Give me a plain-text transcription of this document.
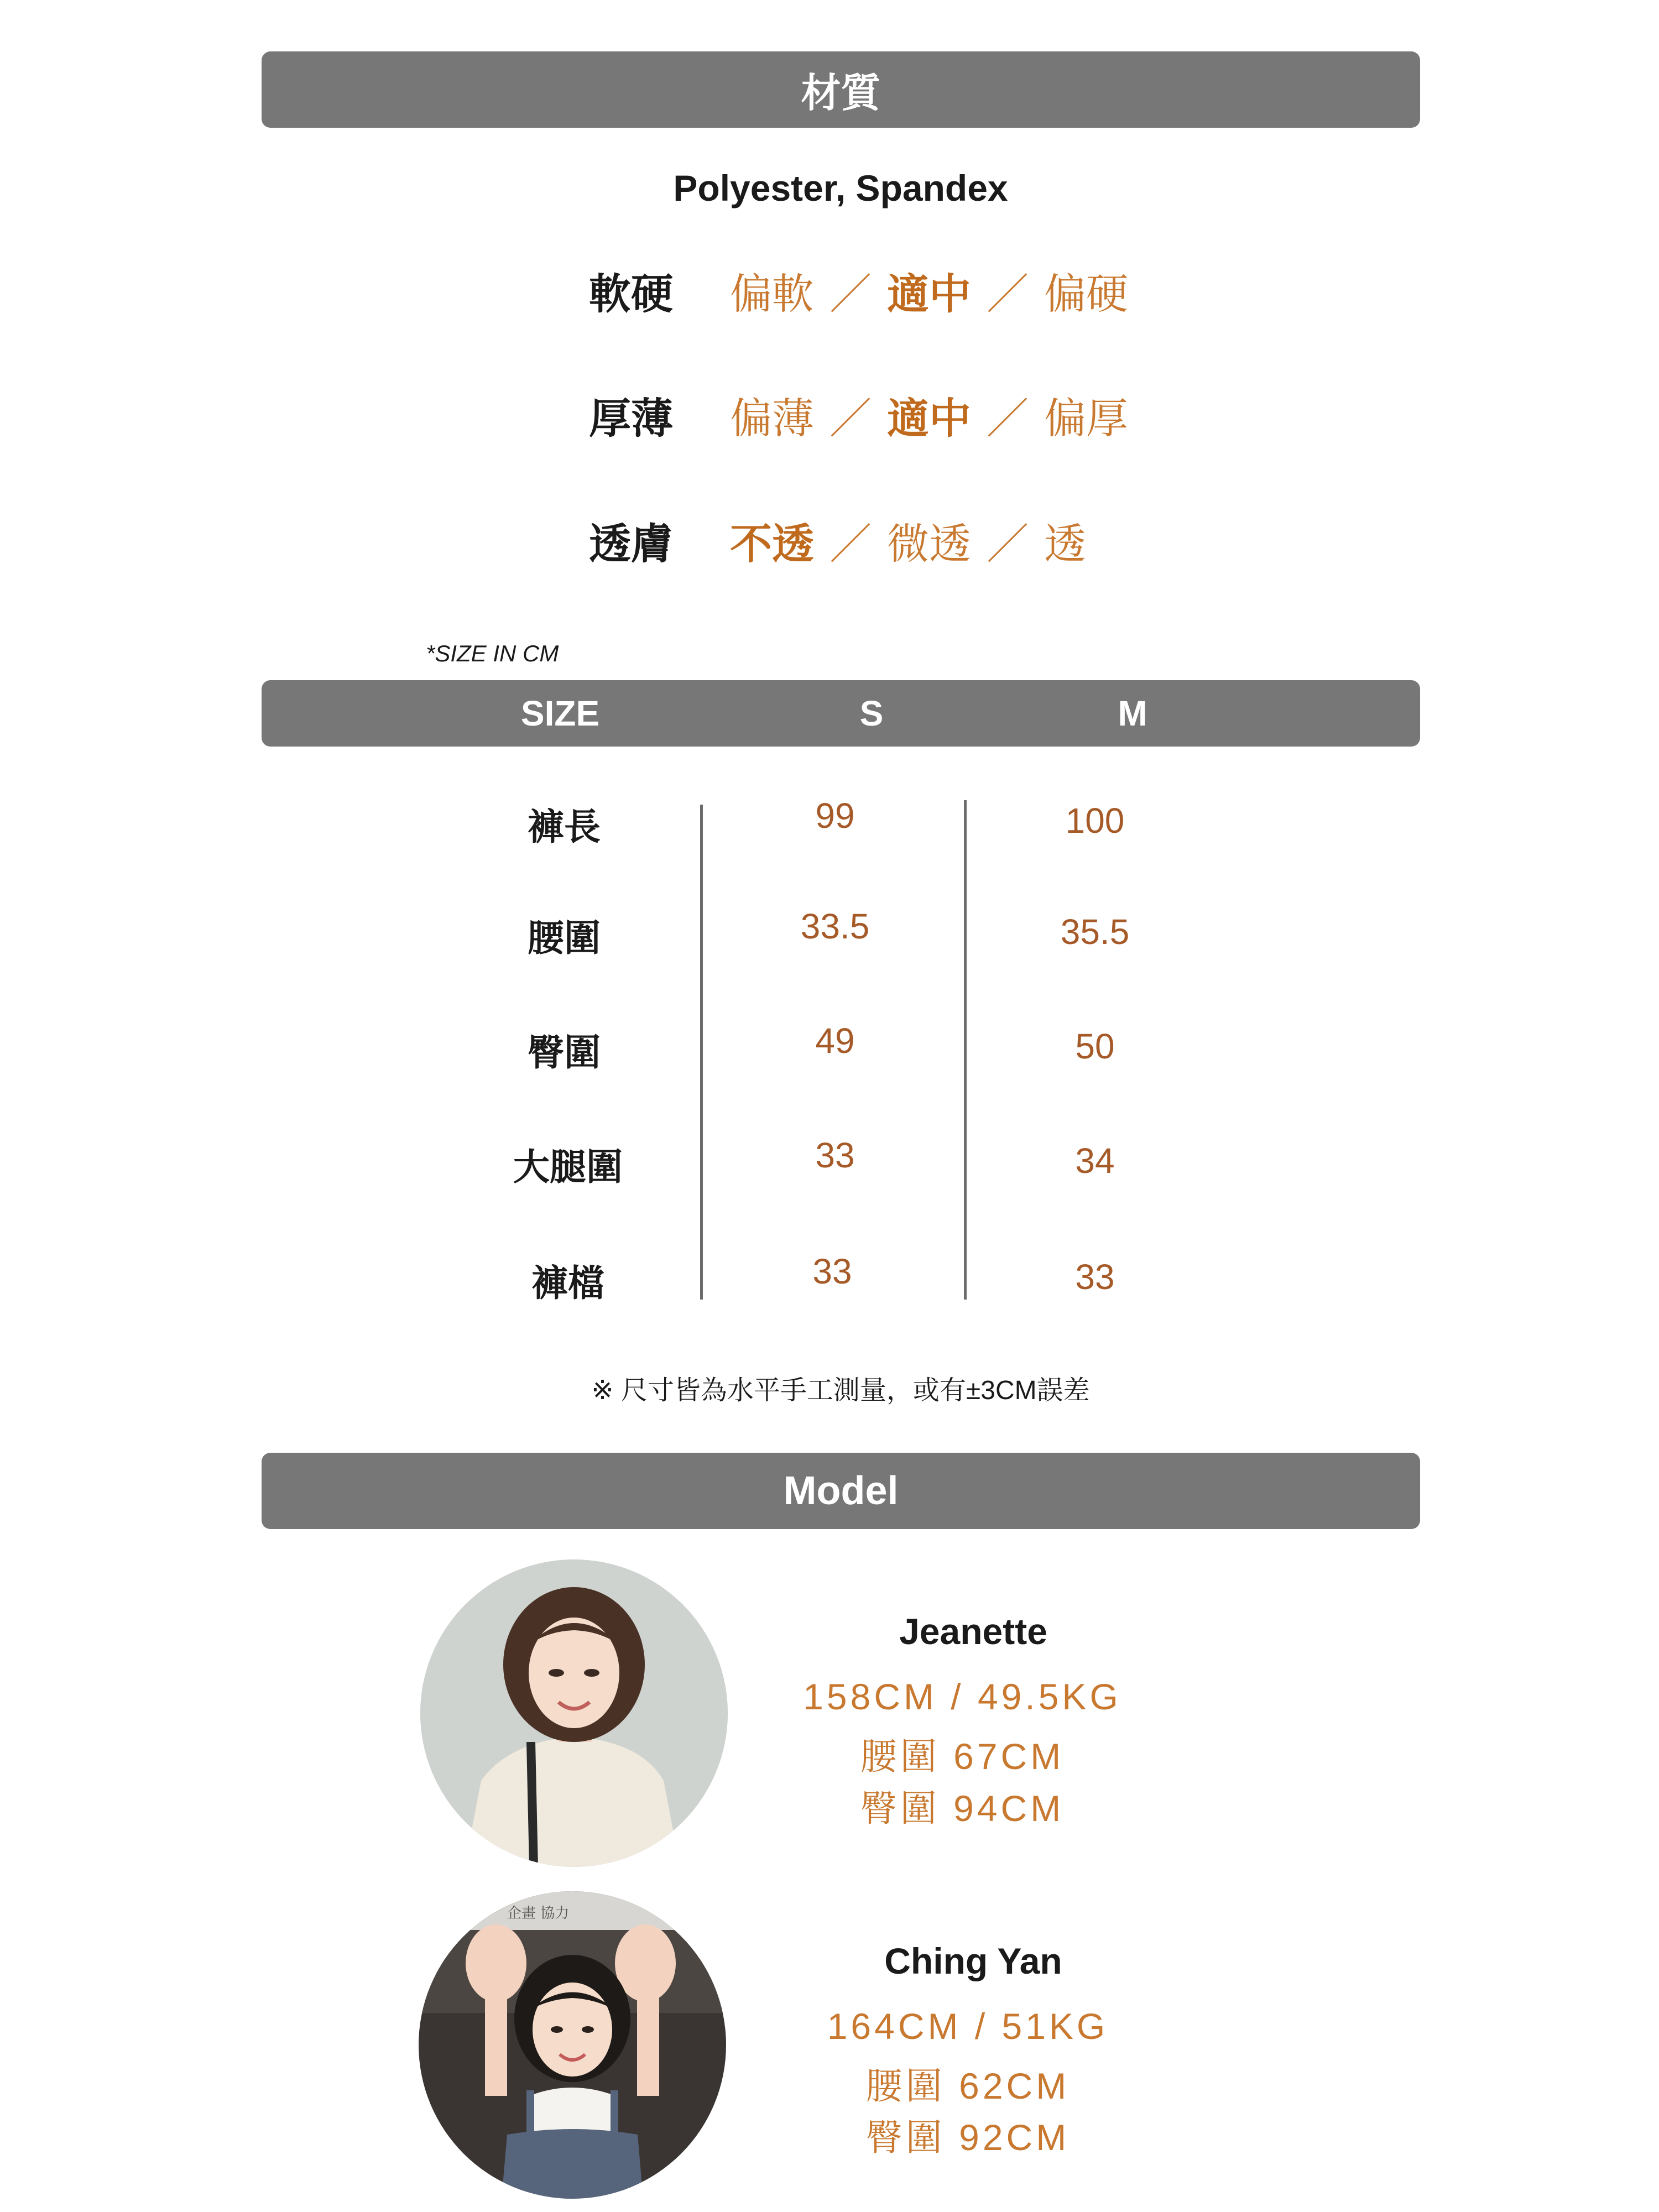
材質
Polyester, Spandex
軟硬	偏軟 ／ 適中 ／ 偏硬
厚薄	偏薄 ／ 適中 ／ 偏厚
透膚	不透 ／ 微透 ／ 透
*SIZE IN CM
SIZE	S	M
褲長	99	100
腰圍	33.5	35.5
臀圍	49	50
大腿圍	33	34
褲檔	33	33
※ 尺寸皆為水平手工測量，或有±3CM誤差
Model
Jeanette
158CM / 49.5KG
腰圍 67CM
臀圍 94CM
企畫 協力
Ching Yan
164CM / 51KG
腰圍 62CM
臀圍 92CM
